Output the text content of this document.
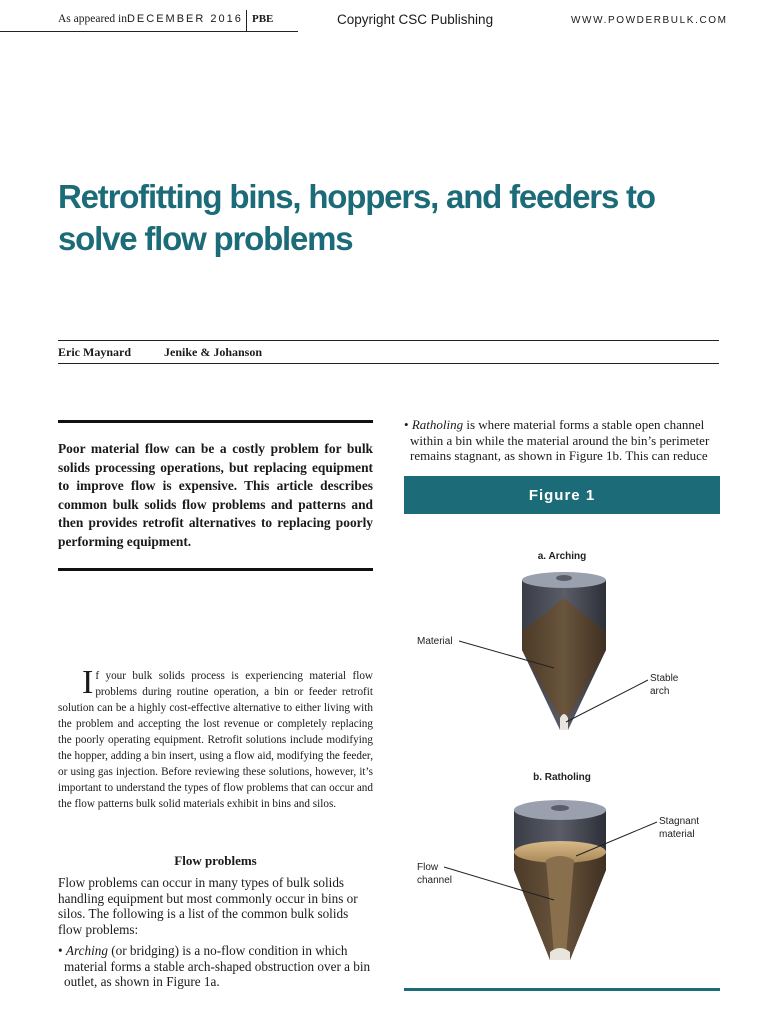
As appeared inDECEMBER 2016 PBE	Copyright CSC Publishing	WWW.POWDERBULK.COM
Retrofitting bins, hoppers, and feeders to solve flow problems
Eric Maynard	Jenike & Johanson
Poor material flow can be a costly problem for bulk solids processing operations, but replacing equipment to improve flow is expensive. This article describes common bulk solids flow problems and patterns and then provides retrofit alternatives to replacing poorly performing equipment.
If your bulk solids process is experiencing material flow problems during routine operation, a bin or feeder retrofit solution can be a highly cost-effective alternative to either living with the problem and accepting the lost revenue or completely replacing the poorly operating equipment. Retrofit solutions include modifying the hopper, adding a bin insert, using a flow aid, modifying the feeder, or using gas injection. Before reviewing these solutions, however, it’s important to understand the types of flow problems that can occur and the flow patterns bulk solid materials exhibit in bins and silos.
Flow problems
Flow problems can occur in many types of bulk solids handling equipment but most commonly occur in bins or silos. The following is a list of the common bulk solids flow problems:
• Arching (or bridging) is a no-flow condition in which material forms a stable arch-shaped obstruction over a bin outlet, as shown in Figure 1a.
• Ratholing is where material forms a stable open channel within a bin while the material around the bin’s perimeter remains stagnant, as shown in Figure 1b. This can reduce
Figure 1
a. Arching
Material
Stable
arch
b. Ratholing
Flow
channel
Stagnant
material
